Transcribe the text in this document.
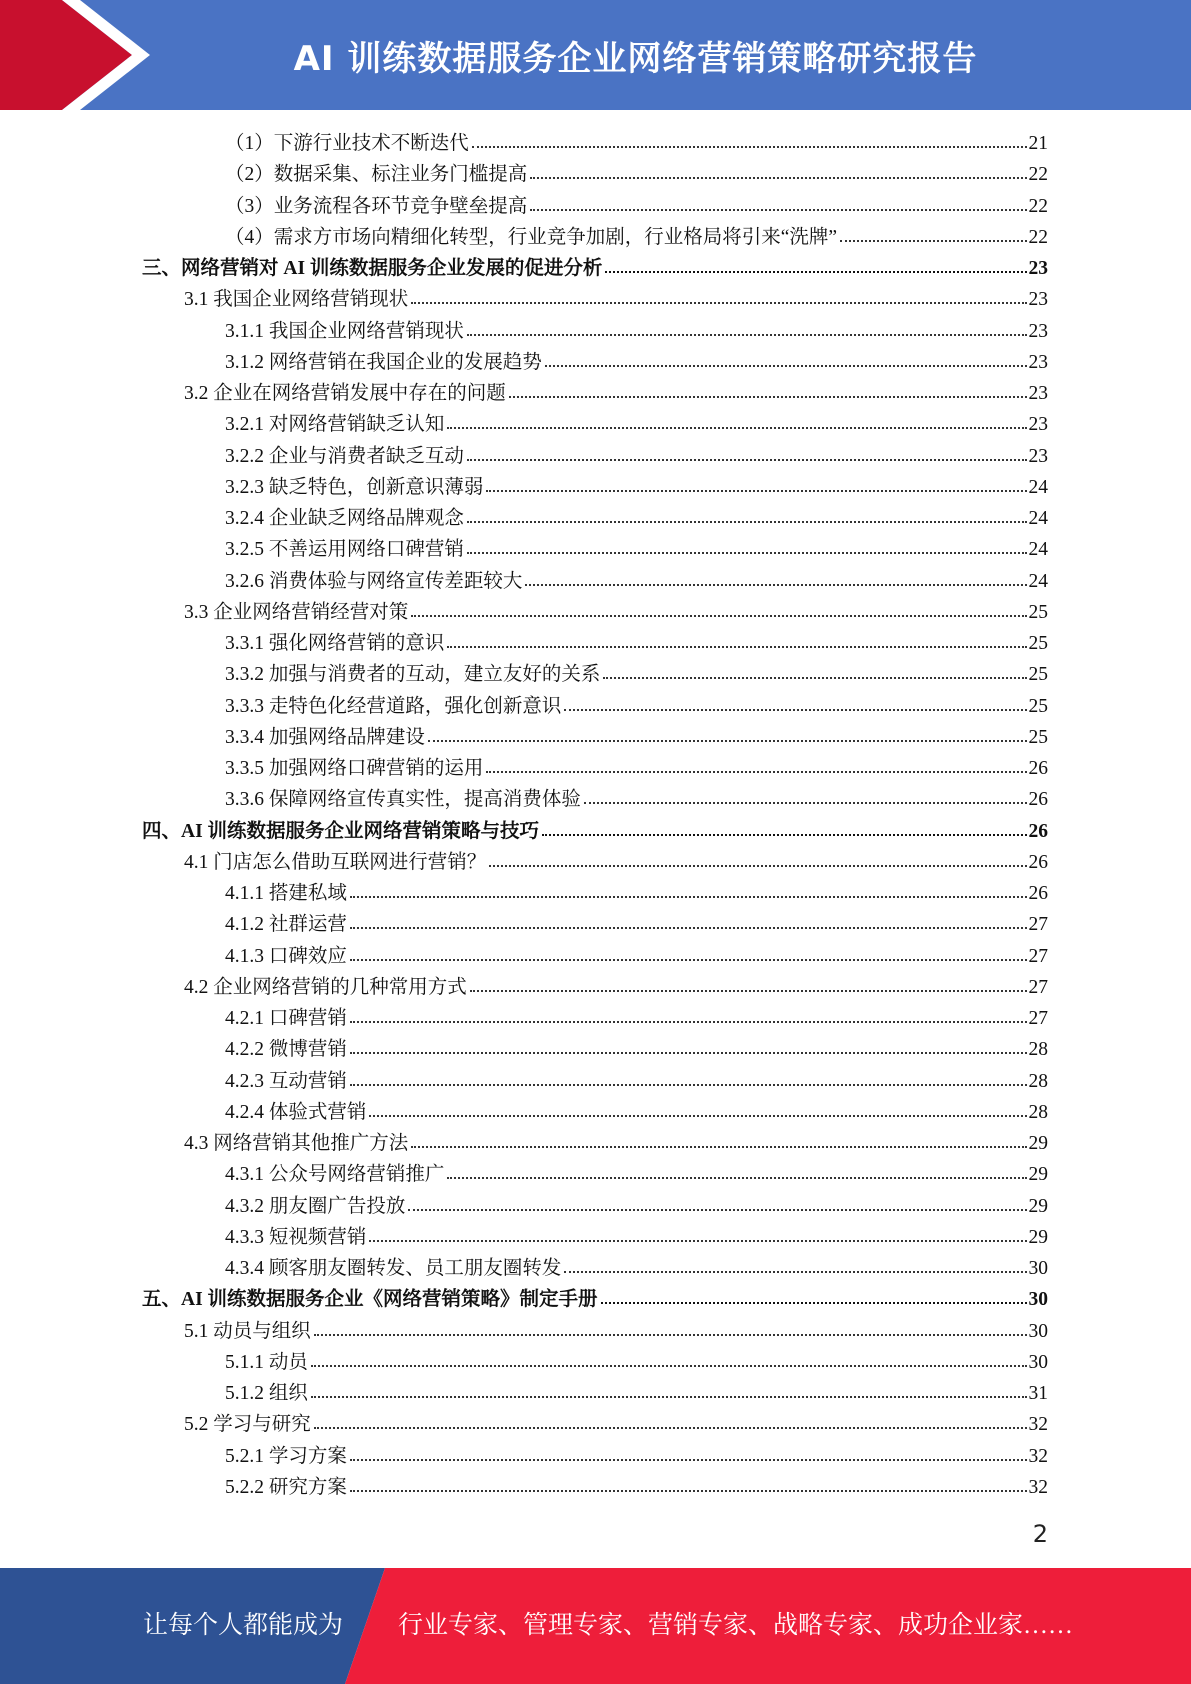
AI 训练数据服务企业网络营销策略研究报告
（1）下游行业技术不断迭代	21
（2）数据采集、标注业务门槛提高	22
（3）业务流程各环节竞争壁垒提高	22
（4）需求方市场向精细化转型，行业竞争加剧，行业格局将引来“洗牌”	22
三、网络营销对 AI 训练数据服务企业发展的促进分析	23
3.1 我国企业网络营销现状	23
3.1.1 我国企业网络营销现状	23
3.1.2 网络营销在我国企业的发展趋势	23
3.2 企业在网络营销发展中存在的问题	23
3.2.1 对网络营销缺乏认知	23
3.2.2 企业与消费者缺乏互动	23
3.2.3 缺乏特色，创新意识薄弱	24
3.2.4 企业缺乏网络品牌观念	24
3.2.5 不善运用网络口碑营销	24
3.2.6 消费体验与网络宣传差距较大	24
3.3 企业网络营销经营对策	25
3.3.1 强化网络营销的意识	25
3.3.2 加强与消费者的互动，建立友好的关系	25
3.3.3 走特色化经营道路，强化创新意识	25
3.3.4 加强网络品牌建设	25
3.3.5 加强网络口碑营销的运用	26
3.3.6 保障网络宣传真实性，提高消费体验	26
四、AI 训练数据服务企业网络营销策略与技巧	26
4.1 门店怎么借助互联网进行营销？	26
4.1.1 搭建私域	26
4.1.2 社群运营	27
4.1.3 口碑效应	27
4.2 企业网络营销的几种常用方式	27
4.2.1 口碑营销	27
4.2.2 微博营销	28
4.2.3 互动营销	28
4.2.4 体验式营销	28
4.3 网络营销其他推广方法	29
4.3.1 公众号网络营销推广	29
4.3.2 朋友圈广告投放	29
4.3.3 短视频营销	29
4.3.4 顾客朋友圈转发、员工朋友圈转发	30
五、AI 训练数据服务企业《网络营销策略》制定手册	30
5.1 动员与组织	30
5.1.1 动员	30
5.1.2 组织	31
5.2 学习与研究	32
5.2.1 学习方案	32
5.2.2 研究方案	32
2
让每个人都能成为 行业专家、管理专家、营销专家、战略专家、成功企业家……
